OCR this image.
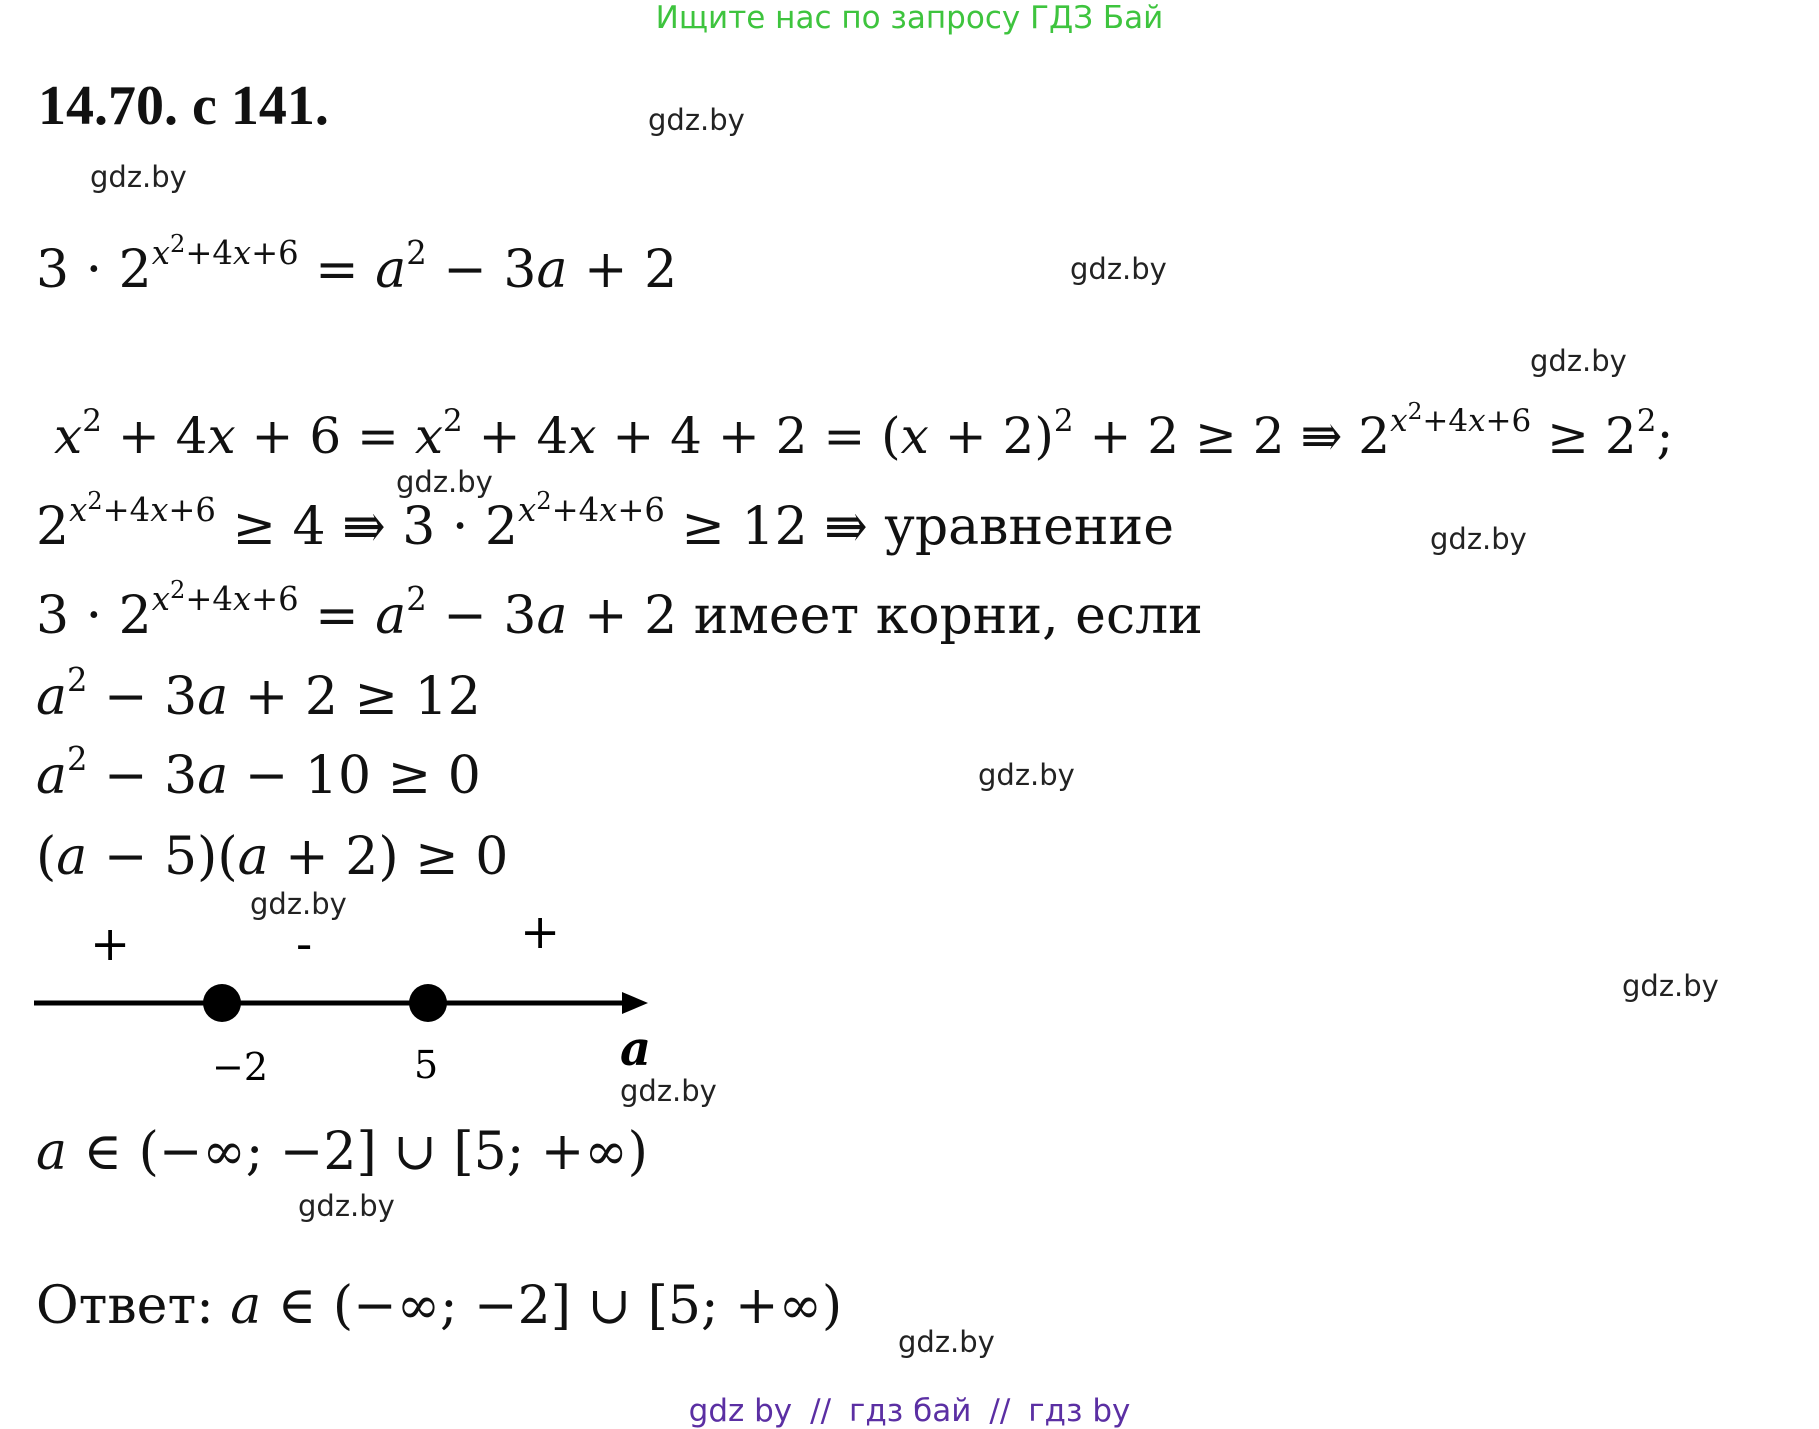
Ищите нас по запросу ГДЗ Бай
14.70. с 141.	gdz.by
gdz.by
gdz.by
gdz.by
gdz.by
gdz.by
gdz.by
gdz.by
gdz.by
gdz.by
gdz.by
gdz.by
$3 \cdot 2^{x^2+4x+6} = a^2 - 3a + 2$
$x^2 + 4x + 6 = x^2 + 4x + 4 + 2 = (x + 2)^2 + 2 \ge 2$ ⇛ $2^{x^2+4x+6} \ge 2^2$;
$2^{x^2+4x+6} \ge 4$ ⇛ $3 \cdot 2^{x^2+4x+6} \ge 12$ ⇛ уравнение
$3 \cdot 2^{x^2+4x+6} = a^2 - 3a + 2$ имеет корни, если
$a^2 - 3a + 2 \ge 12$
$a^2 - 3a - 10 \ge 0$
(a − 5)(a + 2) ≥ 0
+	-	+
−2	5	a
a ∈ (−∞; −2] ∪ [5; +∞)
Ответ: a ∈ (−∞; −2] ∪ [5; +∞)
gdz by // гдз бай // гдз by
